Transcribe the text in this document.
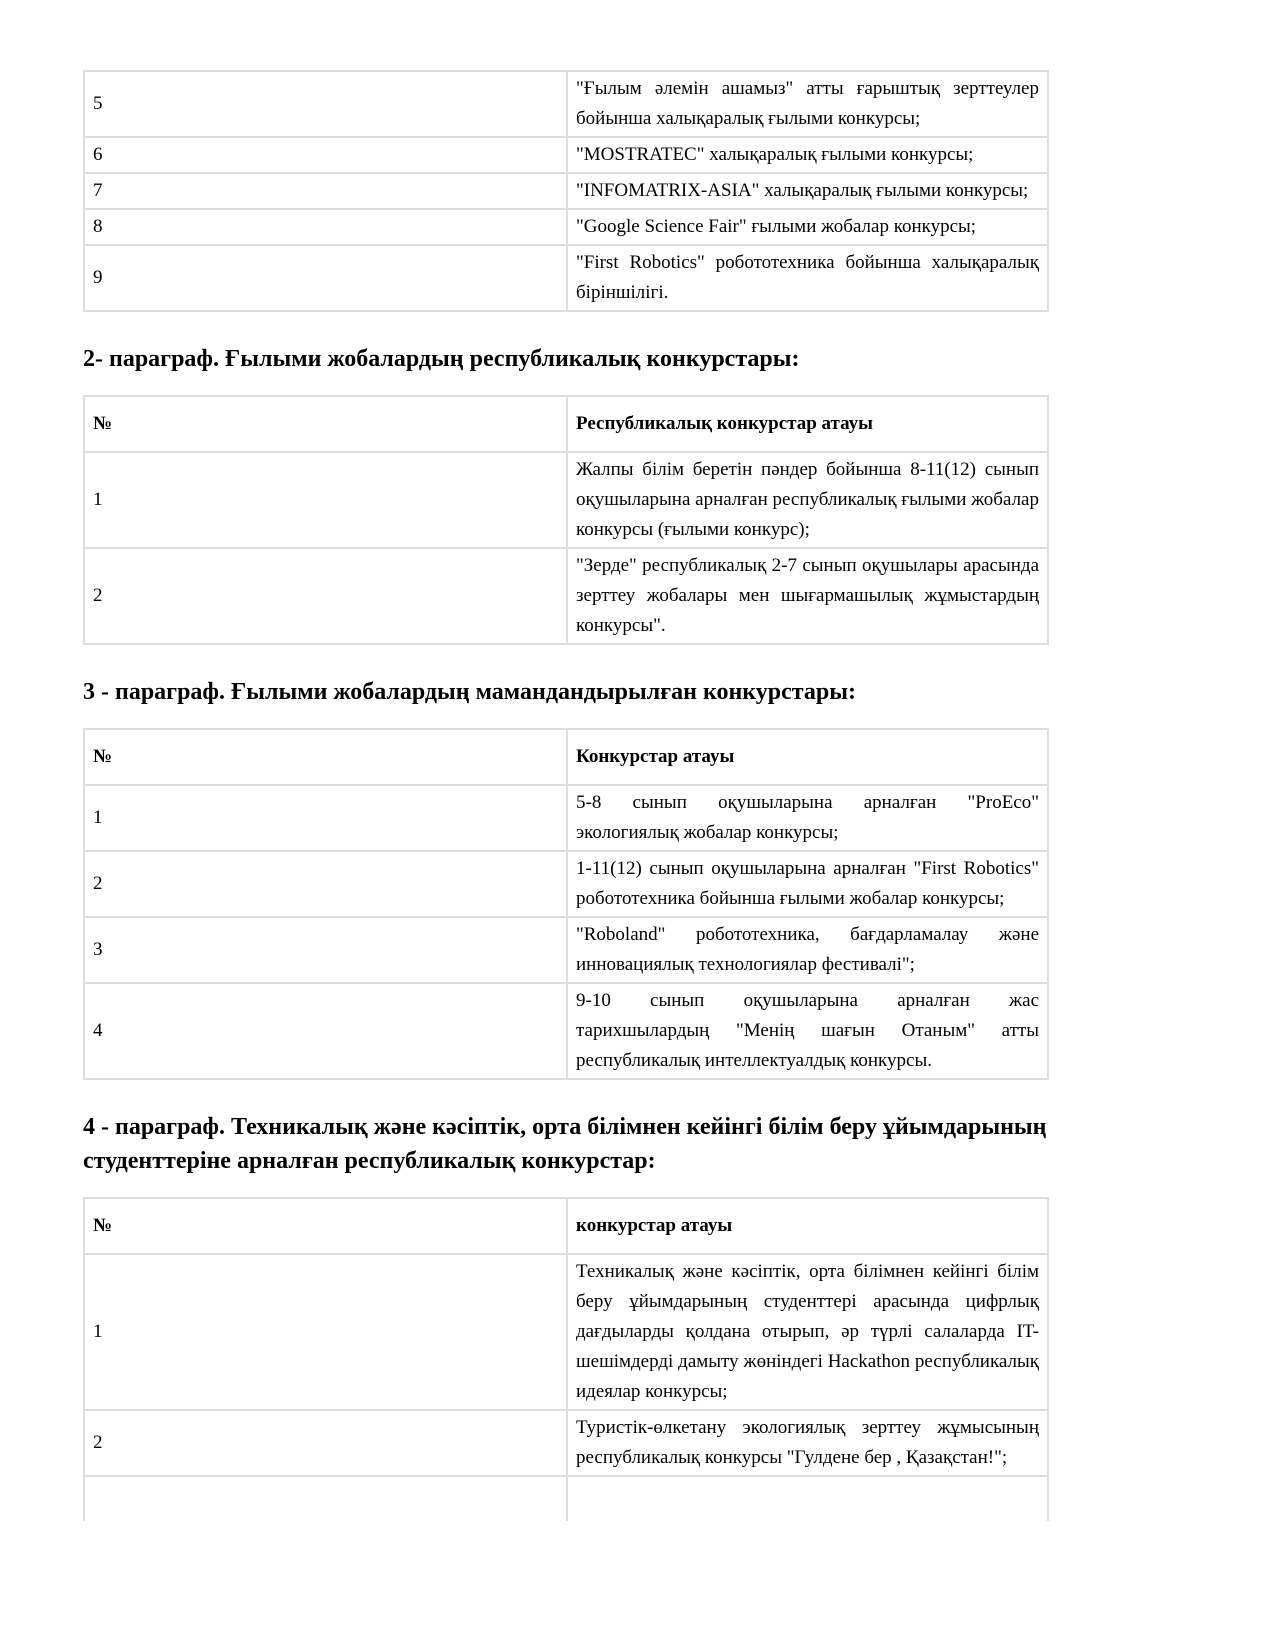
5	"Ғылым әлемін ашамыз" атты ғарыштық зерттеулер бойынша халықаралық ғылыми конкурсы;
6	"MOSTRATEC" халықаралық ғылыми конкурсы;
7	"INFOMATRIX-ASIA" халықаралық ғылыми конкурсы;
8	"Google Science Fair" ғылыми жобалар конкурсы;
9	"First Robotics" робототехника бойынша халықаралық біріншілігі.
2- параграф. Ғылыми жобалардың республикалық конкурстары:
№	Республикалық конкурстар атауы
1	Жалпы білім беретін пәндер бойынша 8-11(12) сынып оқушыларына арналған республикалық ғылыми жобалар конкурсы (ғылыми конкурс);
2	"Зерде" республикалық 2-7 сынып оқушылары арасында зерттеу жобалары мен шығармашылық жұмыстардың конкурсы".
3 - параграф. Ғылыми жобалардың мамандандырылған конкурстары:
№	Конкурстар атауы
1	5-8 сынып оқушыларына арналған "ProEco" экологиялық жобалар конкурсы;
2	1-11(12) сынып оқушыларына арналған "First Robotics" робототехника бойынша ғылыми жобалар конкурсы;
3	"Roboland" робототехника, бағдарламалау және инновациялық технологиялар фестивалі";
4	9-10 сынып оқушыларына арналған жас тарихшылардың "Менің шағын Отаным" атты республикалық интеллектуалдық конкурсы.
4 - параграф. Техникалық және кәсіптік, орта білімнен кейінгі білім беру ұйымдарының студенттеріне арналған республикалық конкурстар:
№	конкурстар атауы
1	Техникалық және кәсіптік, орта білімнен кейінгі білім беру ұйымдарының студенттері арасында цифрлық дағдыларды қолдана отырып, әр түрлі салаларда IT-шешімдерді дамыту жөніндегі Hackathon республикалық идеялар конкурсы;
2	Туристік-өлкетану экологиялық зерттеу жұмысының республикалық конкурсы "Гулдене бер , Қазақстан!";
